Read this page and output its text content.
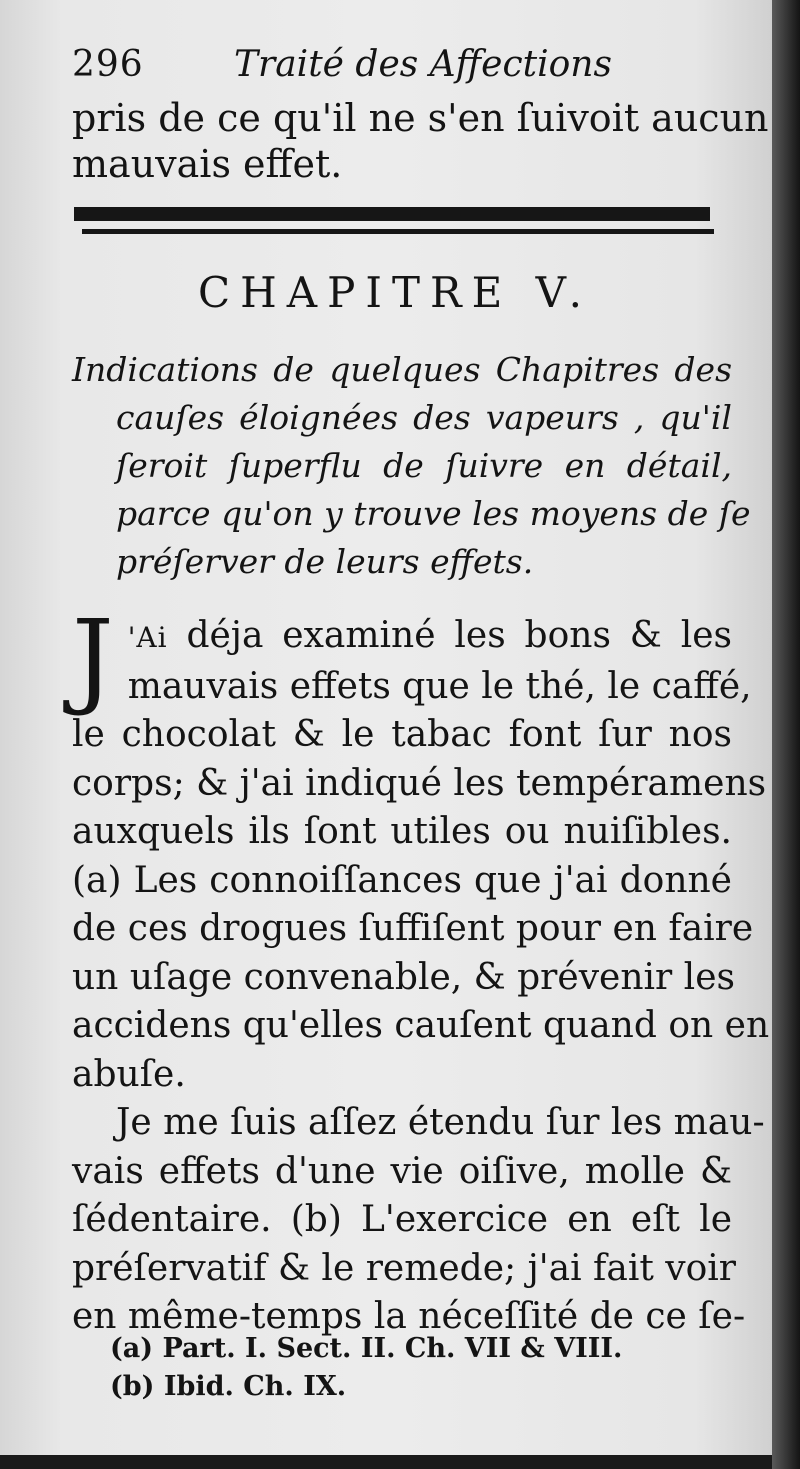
296	Traité des Affections
pris de ce qu'il ne s'en ſuivoit aucun
mauvais effet.
CHAPITRE V.
Indications de quelques Chapitres des
cauſes éloignées des vapeurs , qu'il
ſeroit ſuperflu de ſuivre en détail,
parce qu'on y trouve les moyens de ſe
préſerver de leurs effets.
J 'Ai déja examiné les bons & les
mauvais effets que le thé, le caffé,
le chocolat & le tabac font ſur nos
corps; & j'ai indiqué les tempéramens
auxquels ils ſont utiles ou nuiſibles.
(a) Les connoiſſances que j'ai donné
de ces drogues ſuffiſent pour en faire
un uſage convenable, & prévenir les
accidens qu'elles cauſent quand on en
abuſe.
Je me ſuis aſſez étendu ſur les mau-
vais effets d'une vie oiſive, molle &
ſédentaire. (b) L'exercice en eſt le
préſervatif & le remede; j'ai fait voir
en même-temps la néceſſité de ce ſe-
(a) Part. I. Sect. II. Ch. VII & VIII.
(b) Ibid. Ch. IX.
